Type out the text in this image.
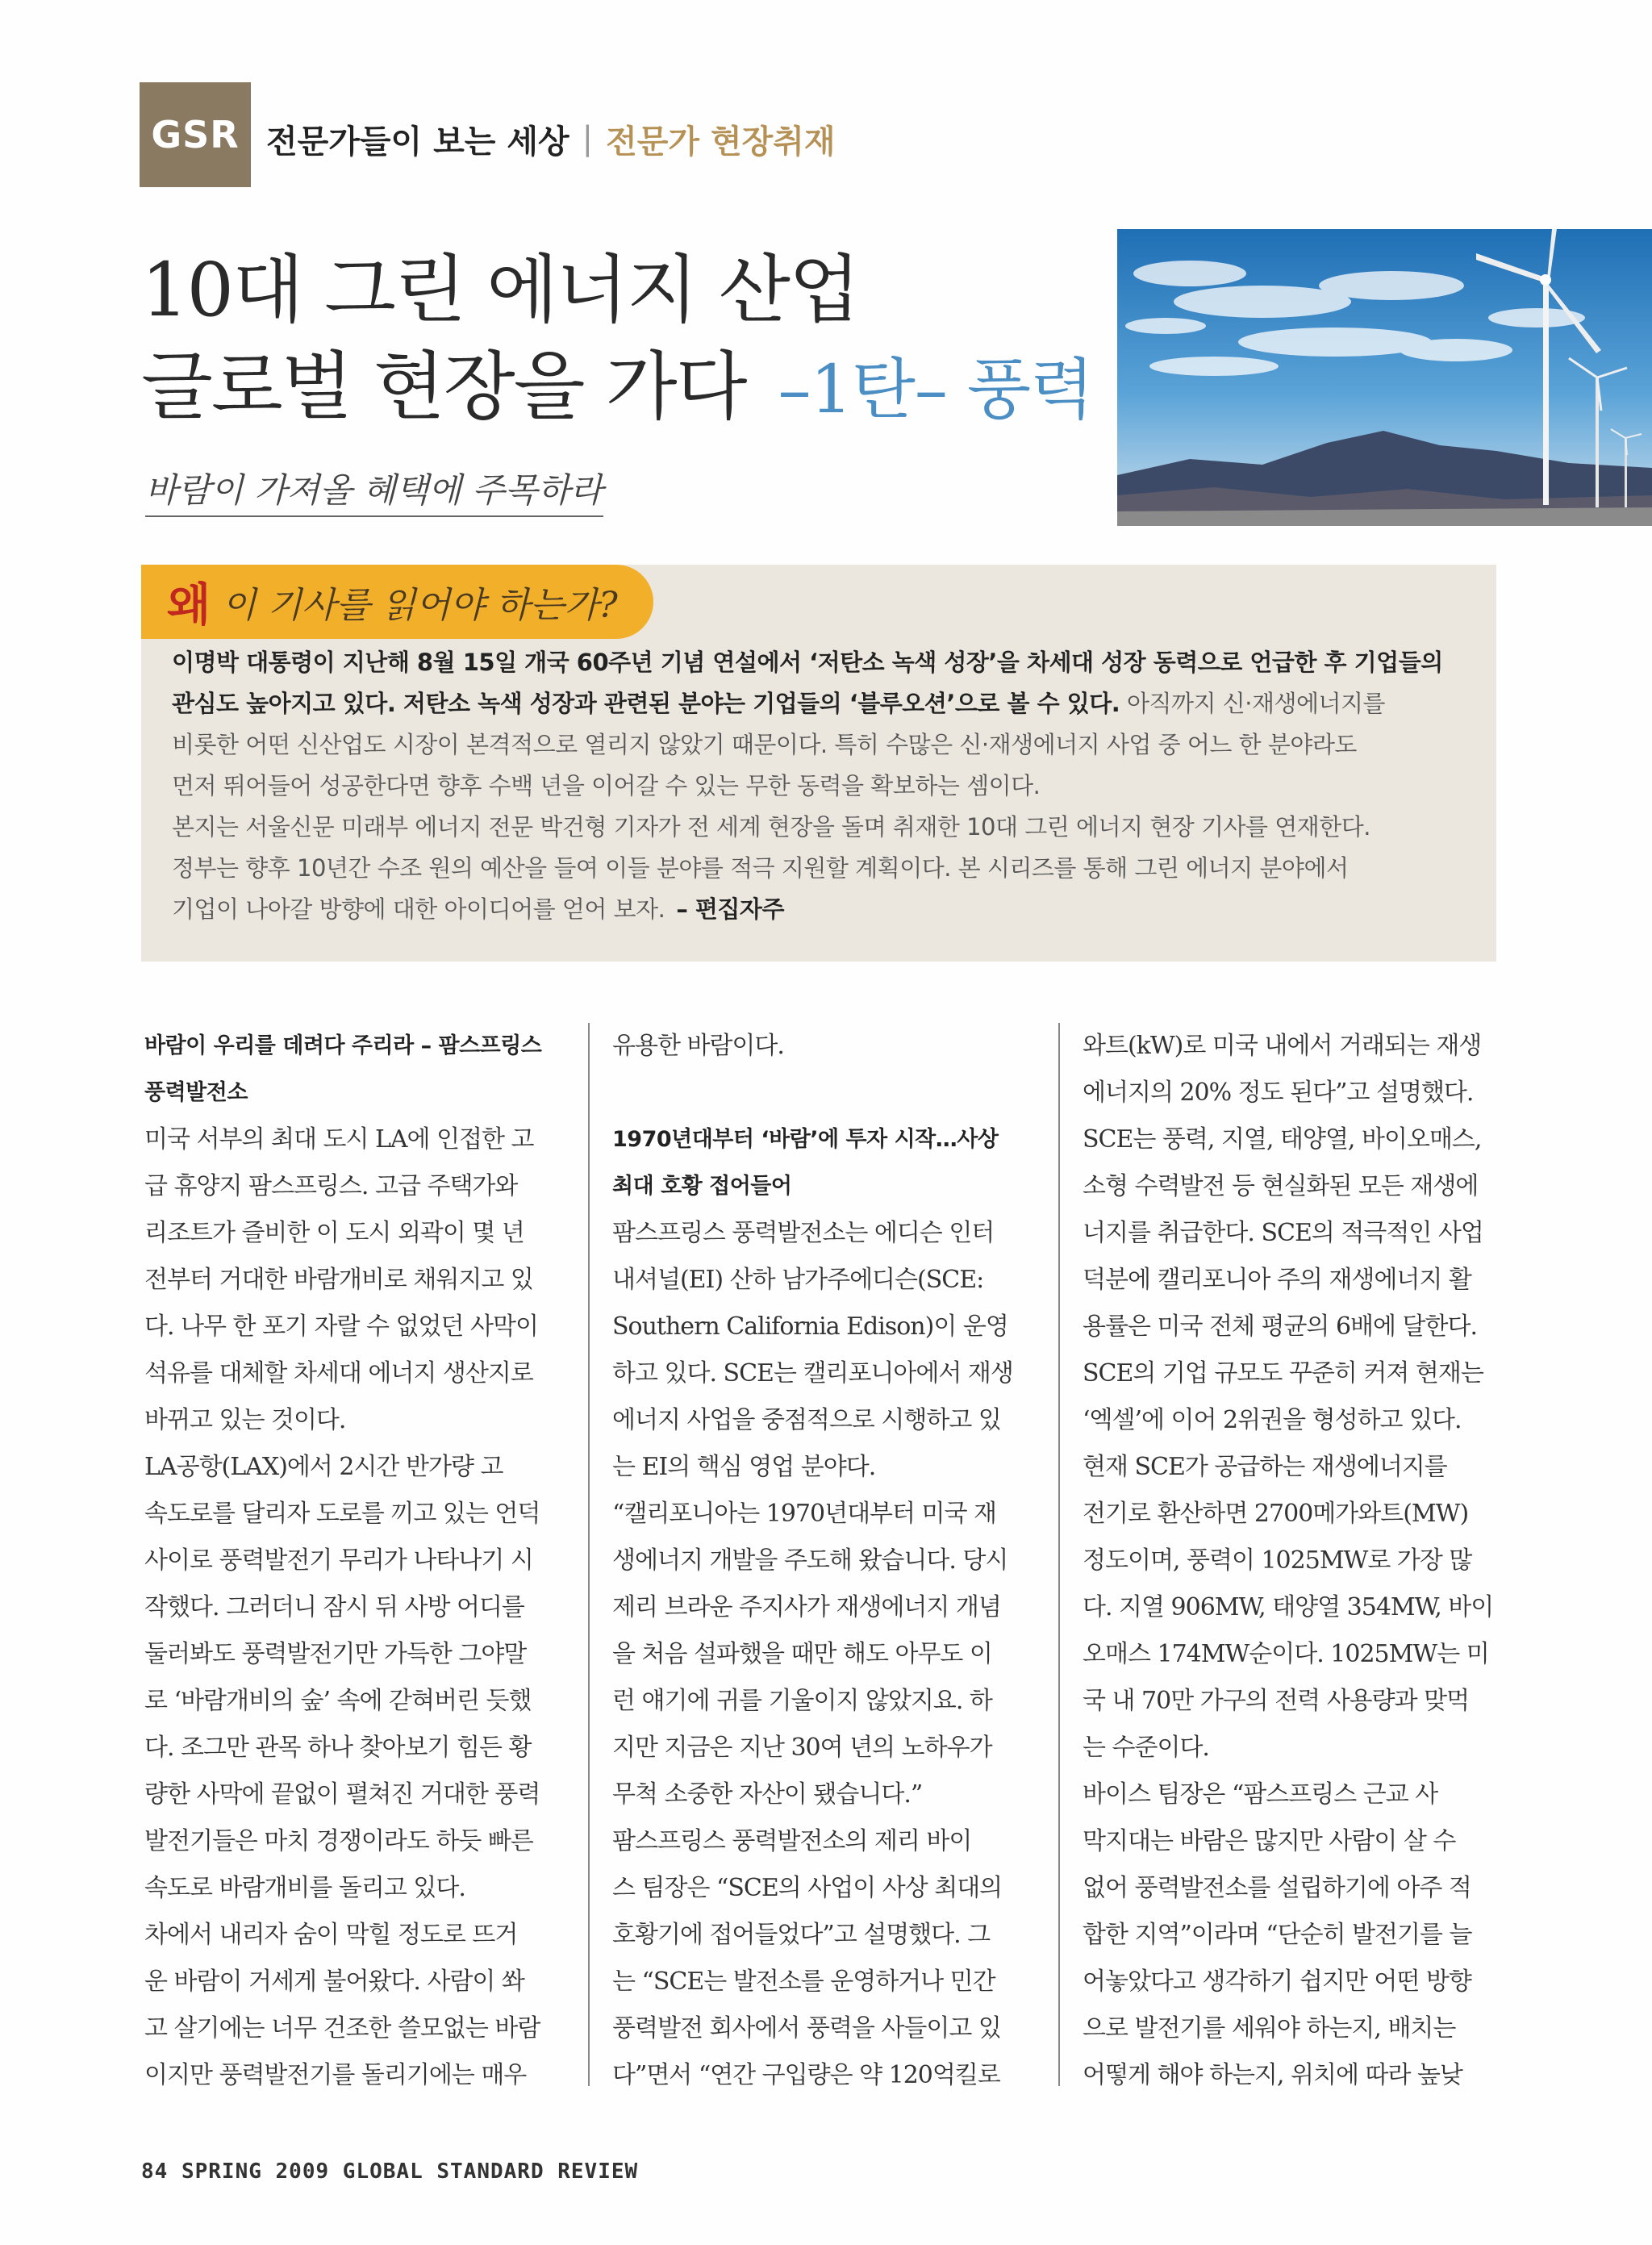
GSR 전문가들이 보는 세상 | 전문가 현장취재
10대 그린 에너지 산업
글로벌 현장을 가다 –1탄– 풍력
바람이 가져올 혜택에 주목하라
왜 이 기사를 읽어야 하는가?
이명박 대통령이 지난해 8월 15일 개국 60주년 기념 연설에서 ‘저탄소 녹색 성장’을 차세대 성장 동력으로 언급한 후 기업들의
관심도 높아지고 있다. 저탄소 녹색 성장과 관련된 분야는 기업들의 ‘블루오션’으로 볼 수 있다. 아직까지 신·재생에너지를
비롯한 어떤 신산업도 시장이 본격적으로 열리지 않았기 때문이다. 특히 수많은 신·재생에너지 사업 중 어느 한 분야라도
먼저 뛰어들어 성공한다면 향후 수백 년을 이어갈 수 있는 무한 동력을 확보하는 셈이다.
본지는 서울신문 미래부 에너지 전문 박건형 기자가 전 세계 현장을 돌며 취재한 10대 그린 에너지 현장 기사를 연재한다.
정부는 향후 10년간 수조 원의 예산을 들여 이들 분야를 적극 지원할 계획이다. 본 시리즈를 통해 그린 에너지 분야에서
기업이 나아갈 방향에 대한 아이디어를 얻어 보자. – 편집자주
바람이 우리를 데려다 주리라 – 팜스프링스
풍력발전소
미국 서부의 최대 도시 LA에 인접한 고
급 휴양지 팜스프링스. 고급 주택가와
리조트가 즐비한 이 도시 외곽이 몇 년
전부터 거대한 바람개비로 채워지고 있
다. 나무 한 포기 자랄 수 없었던 사막이
석유를 대체할 차세대 에너지 생산지로
바뀌고 있는 것이다.
LA공항(LAX)에서 2시간 반가량 고
속도로를 달리자 도로를 끼고 있는 언덕
사이로 풍력발전기 무리가 나타나기 시
작했다. 그러더니 잠시 뒤 사방 어디를
둘러봐도 풍력발전기만 가득한 그야말
로 ‘바람개비의 숲’ 속에 갇혀버린 듯했
다. 조그만 관목 하나 찾아보기 힘든 황
량한 사막에 끝없이 펼쳐진 거대한 풍력
발전기들은 마치 경쟁이라도 하듯 빠른
속도로 바람개비를 돌리고 있다.
차에서 내리자 숨이 막힐 정도로 뜨거
운 바람이 거세게 불어왔다. 사람이 쏴
고 살기에는 너무 건조한 쓸모없는 바람
이지만 풍력발전기를 돌리기에는 매우
유용한 바람이다.
1970년대부터 ‘바람’에 투자 시작…사상
최대 호황 접어들어
팜스프링스 풍력발전소는 에디슨 인터
내셔널(EI) 산하 남가주에디슨(SCE:
Southern California Edison)이 운영
하고 있다. SCE는 캘리포니아에서 재생
에너지 사업을 중점적으로 시행하고 있
는 EI의 핵심 영업 분야다.
“캘리포니아는 1970년대부터 미국 재
생에너지 개발을 주도해 왔습니다. 당시
제리 브라운 주지사가 재생에너지 개념
을 처음 설파했을 때만 해도 아무도 이
런 얘기에 귀를 기울이지 않았지요. 하
지만 지금은 지난 30여 년의 노하우가
무척 소중한 자산이 됐습니다.”
팜스프링스 풍력발전소의 제리 바이
스 팀장은 “SCE의 사업이 사상 최대의
호황기에 접어들었다”고 설명했다. 그
는 “SCE는 발전소를 운영하거나 민간
풍력발전 회사에서 풍력을 사들이고 있
다”면서 “연간 구입량은 약 120억킬로
와트(kW)로 미국 내에서 거래되는 재생
에너지의 20% 정도 된다”고 설명했다.
SCE는 풍력, 지열, 태양열, 바이오매스,
소형 수력발전 등 현실화된 모든 재생에
너지를 취급한다. SCE의 적극적인 사업
덕분에 캘리포니아 주의 재생에너지 활
용률은 미국 전체 평균의 6배에 달한다.
SCE의 기업 규모도 꾸준히 커져 현재는
‘엑셀’에 이어 2위권을 형성하고 있다.
현재 SCE가 공급하는 재생에너지를
전기로 환산하면 2700메가와트(MW)
정도이며, 풍력이 1025MW로 가장 많
다. 지열 906MW, 태양열 354MW, 바이
오매스 174MW순이다. 1025MW는 미
국 내 70만 가구의 전력 사용량과 맞먹
는 수준이다.
바이스 팀장은 “팜스프링스 근교 사
막지대는 바람은 많지만 사람이 살 수
없어 풍력발전소를 설립하기에 아주 적
합한 지역”이라며 “단순히 발전기를 늘
어놓았다고 생각하기 쉽지만 어떤 방향
으로 발전기를 세워야 하는지, 배치는
어떻게 해야 하는지, 위치에 따라 높낮
84 SPRING 2009 GLOBAL STANDARD REVIEW
